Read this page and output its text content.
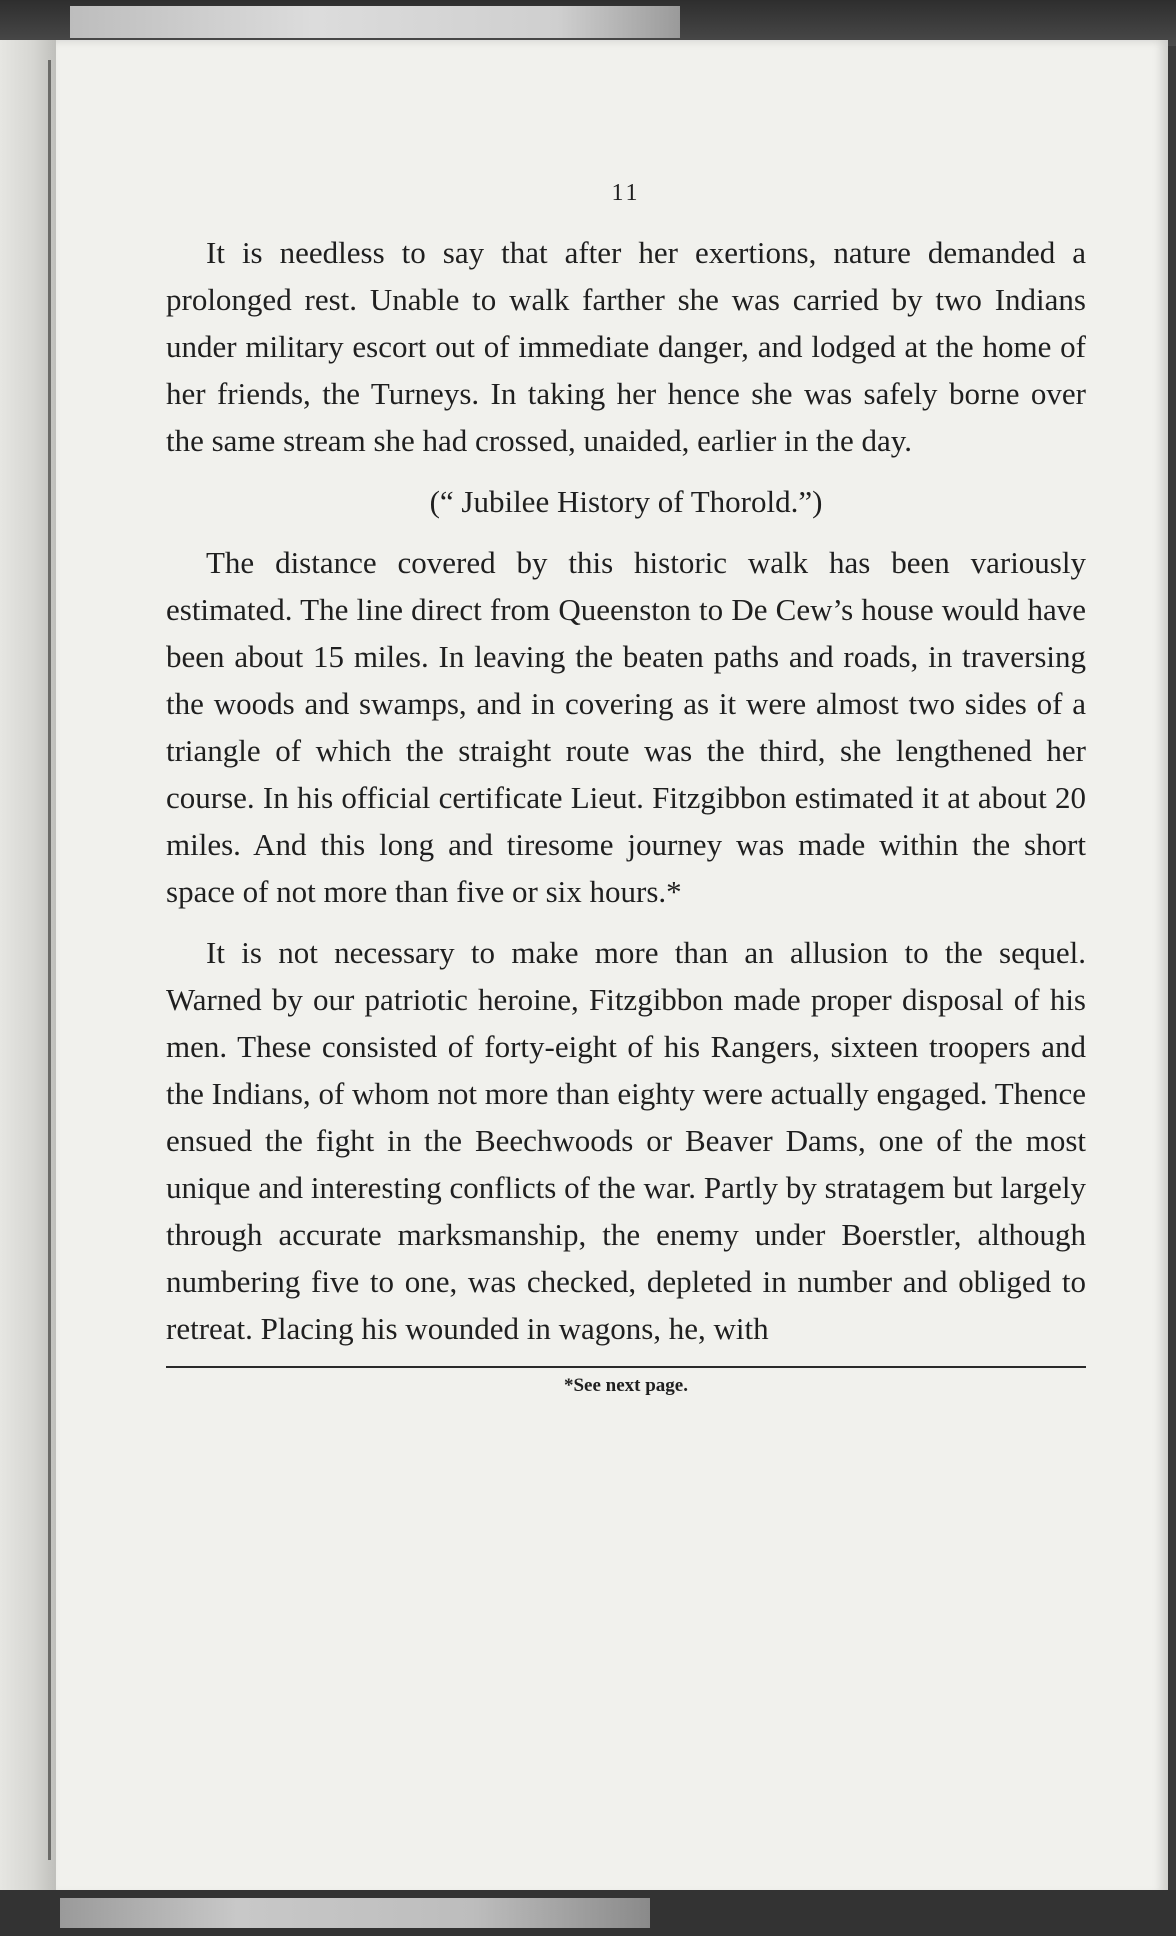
11

It is needless to say that after her exertions, nature demanded a prolonged rest. Unable to walk farther she was carried by two Indians under military escort out of immediate danger, and lodged at the home of her friends, the Turneys. In taking her hence she was safely borne over the same stream she had crossed, unaided, earlier in the day.

(“ Jubilee History of Thorold.”)

The distance covered by this historic walk has been variously estimated. The line direct from Queenston to De Cew’s house would have been about 15 miles. In leaving the beaten paths and roads, in traversing the woods and swamps, and in covering as it were almost two sides of a triangle of which the straight route was the third, she lengthened her course. In his official certificate Lieut. Fitzgibbon estimated it at about 20 miles. And this long and tiresome journey was made within the short space of not more than five or six hours.*

It is not necessary to make more than an allusion to the sequel. Warned by our patriotic heroine, Fitzgibbon made proper disposal of his men. These consisted of forty-eight of his Rangers, sixteen troopers and the Indians, of whom not more than eighty were actually engaged. Thence ensued the fight in the Beechwoods or Beaver Dams, one of the most unique and interesting conflicts of the war. Partly by stratagem but largely through accurate marksmanship, the enemy under Boerstler, although numbering five to one, was checked, depleted in number and obliged to retreat. Placing his wounded in wagons, he, with

*See next page.
